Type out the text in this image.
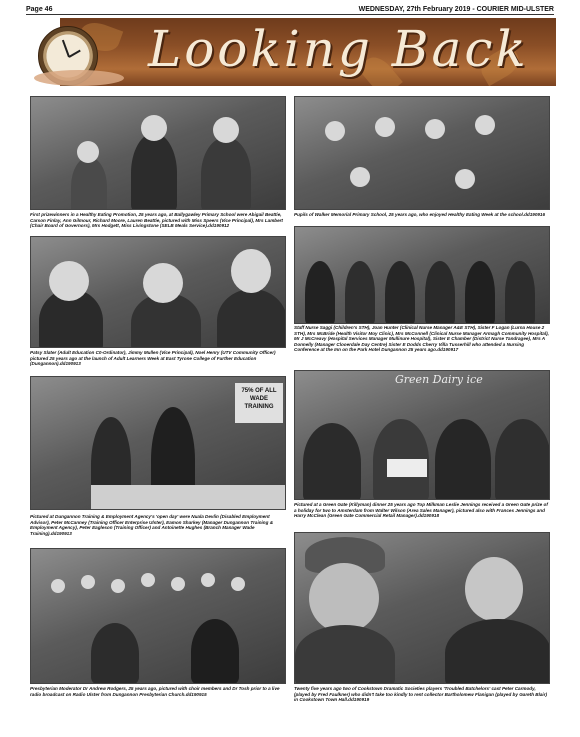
Page 46	WEDNESDAY, 27th February 2019 - COURIER MID-ULSTER
Looking Back
First prizewinners in a Healthy Eating Promotion, 25 years ago, at Ballygawley Primary School were Abigail Beattie, Carson Finlay, Ann Gilmour, Richard Moore, Lauren Beattie, pictured with Miss Speers (Vice Principal), Mrs Lambert (Chair Board of Governors), Mrs Hodgett, Miss Livingstone (SELB Meals Service).dd190912
Pupils of Walker Memorial Primary School, 25 years ago, who enjoyed Healthy Eating Week at the school.dd190916
Patsy Slater (Adult Education C0-Ordinator), Jimmy Mullen (Vice Principal), Noel Henry (UTV Community Officer) pictured 25 years ago at the launch of Adult Learners Week at East Tyrone College of Further Education (Dungannon).dd190913
Staff Nurse Saggi (Children's STH), Joan Hunter (Clinical Nurse Manager A&E STH), Sister F Logan (Lurna House 2 STH), Mrs McBride (Health Visitor Moy Clinic), Mrs McConnell (Clinical Nurse Manager Armagh Community Hospital), Mr J McCreavy (Hospital Services Manager Mullinure Hospital), Sister E Chamber (District Nurse Tandragee), Mrs A Donnelly (Manager Clooerdale Day Centre) Sister E Dodds Cherry Villa Tusserhill who attended a Nursing Conference at the Inn on the Park Hotel Dungannon 25 years ago.dd190917
75% OF ALL WADE TRAINING
Pictured at Dungannon Training & Employment Agency's 'open day' were Nuala Devlin (Disabled Employment Advisor), Peter McCanney (Training Officer Enterprise Ulster), Eamon Sharkey (Manager Dungannon Training & Employment Agency), Peter Eagleson (Training Officer) and Antoinette Hughes (Branch Manager Wade Training).dd190913
Green Dairy ice
Pictured at a Green Gate (Killyman) dinner 25 years ago Top Milkman Leslie Jennings received a Green Gate prize of a holiday for two to Amsterdam from Walter Wilson (Area Sales Manager), pictured also with Frances Jennings and Harry McClean (Green Gate Commercial Retail Manager).dd190918
Presbyterian Moderator Dr Andrew Rodgers, 25 years ago, pictured with choir members and Dr Tosh prior to a live radio broadcast on Radio Ulster from Dungannon Presbyterian Church.dd190915
Twenty five years ago two of Cookstown Dramatic Societies players 'Troubled Batchelors' cast Peter Carmody,(played by Fred Faulkner) who didn't take too kindly to rent collector Bartholomew Flanigan (played by Gareth Blair) in Cookstown Town Hall.dd190919
